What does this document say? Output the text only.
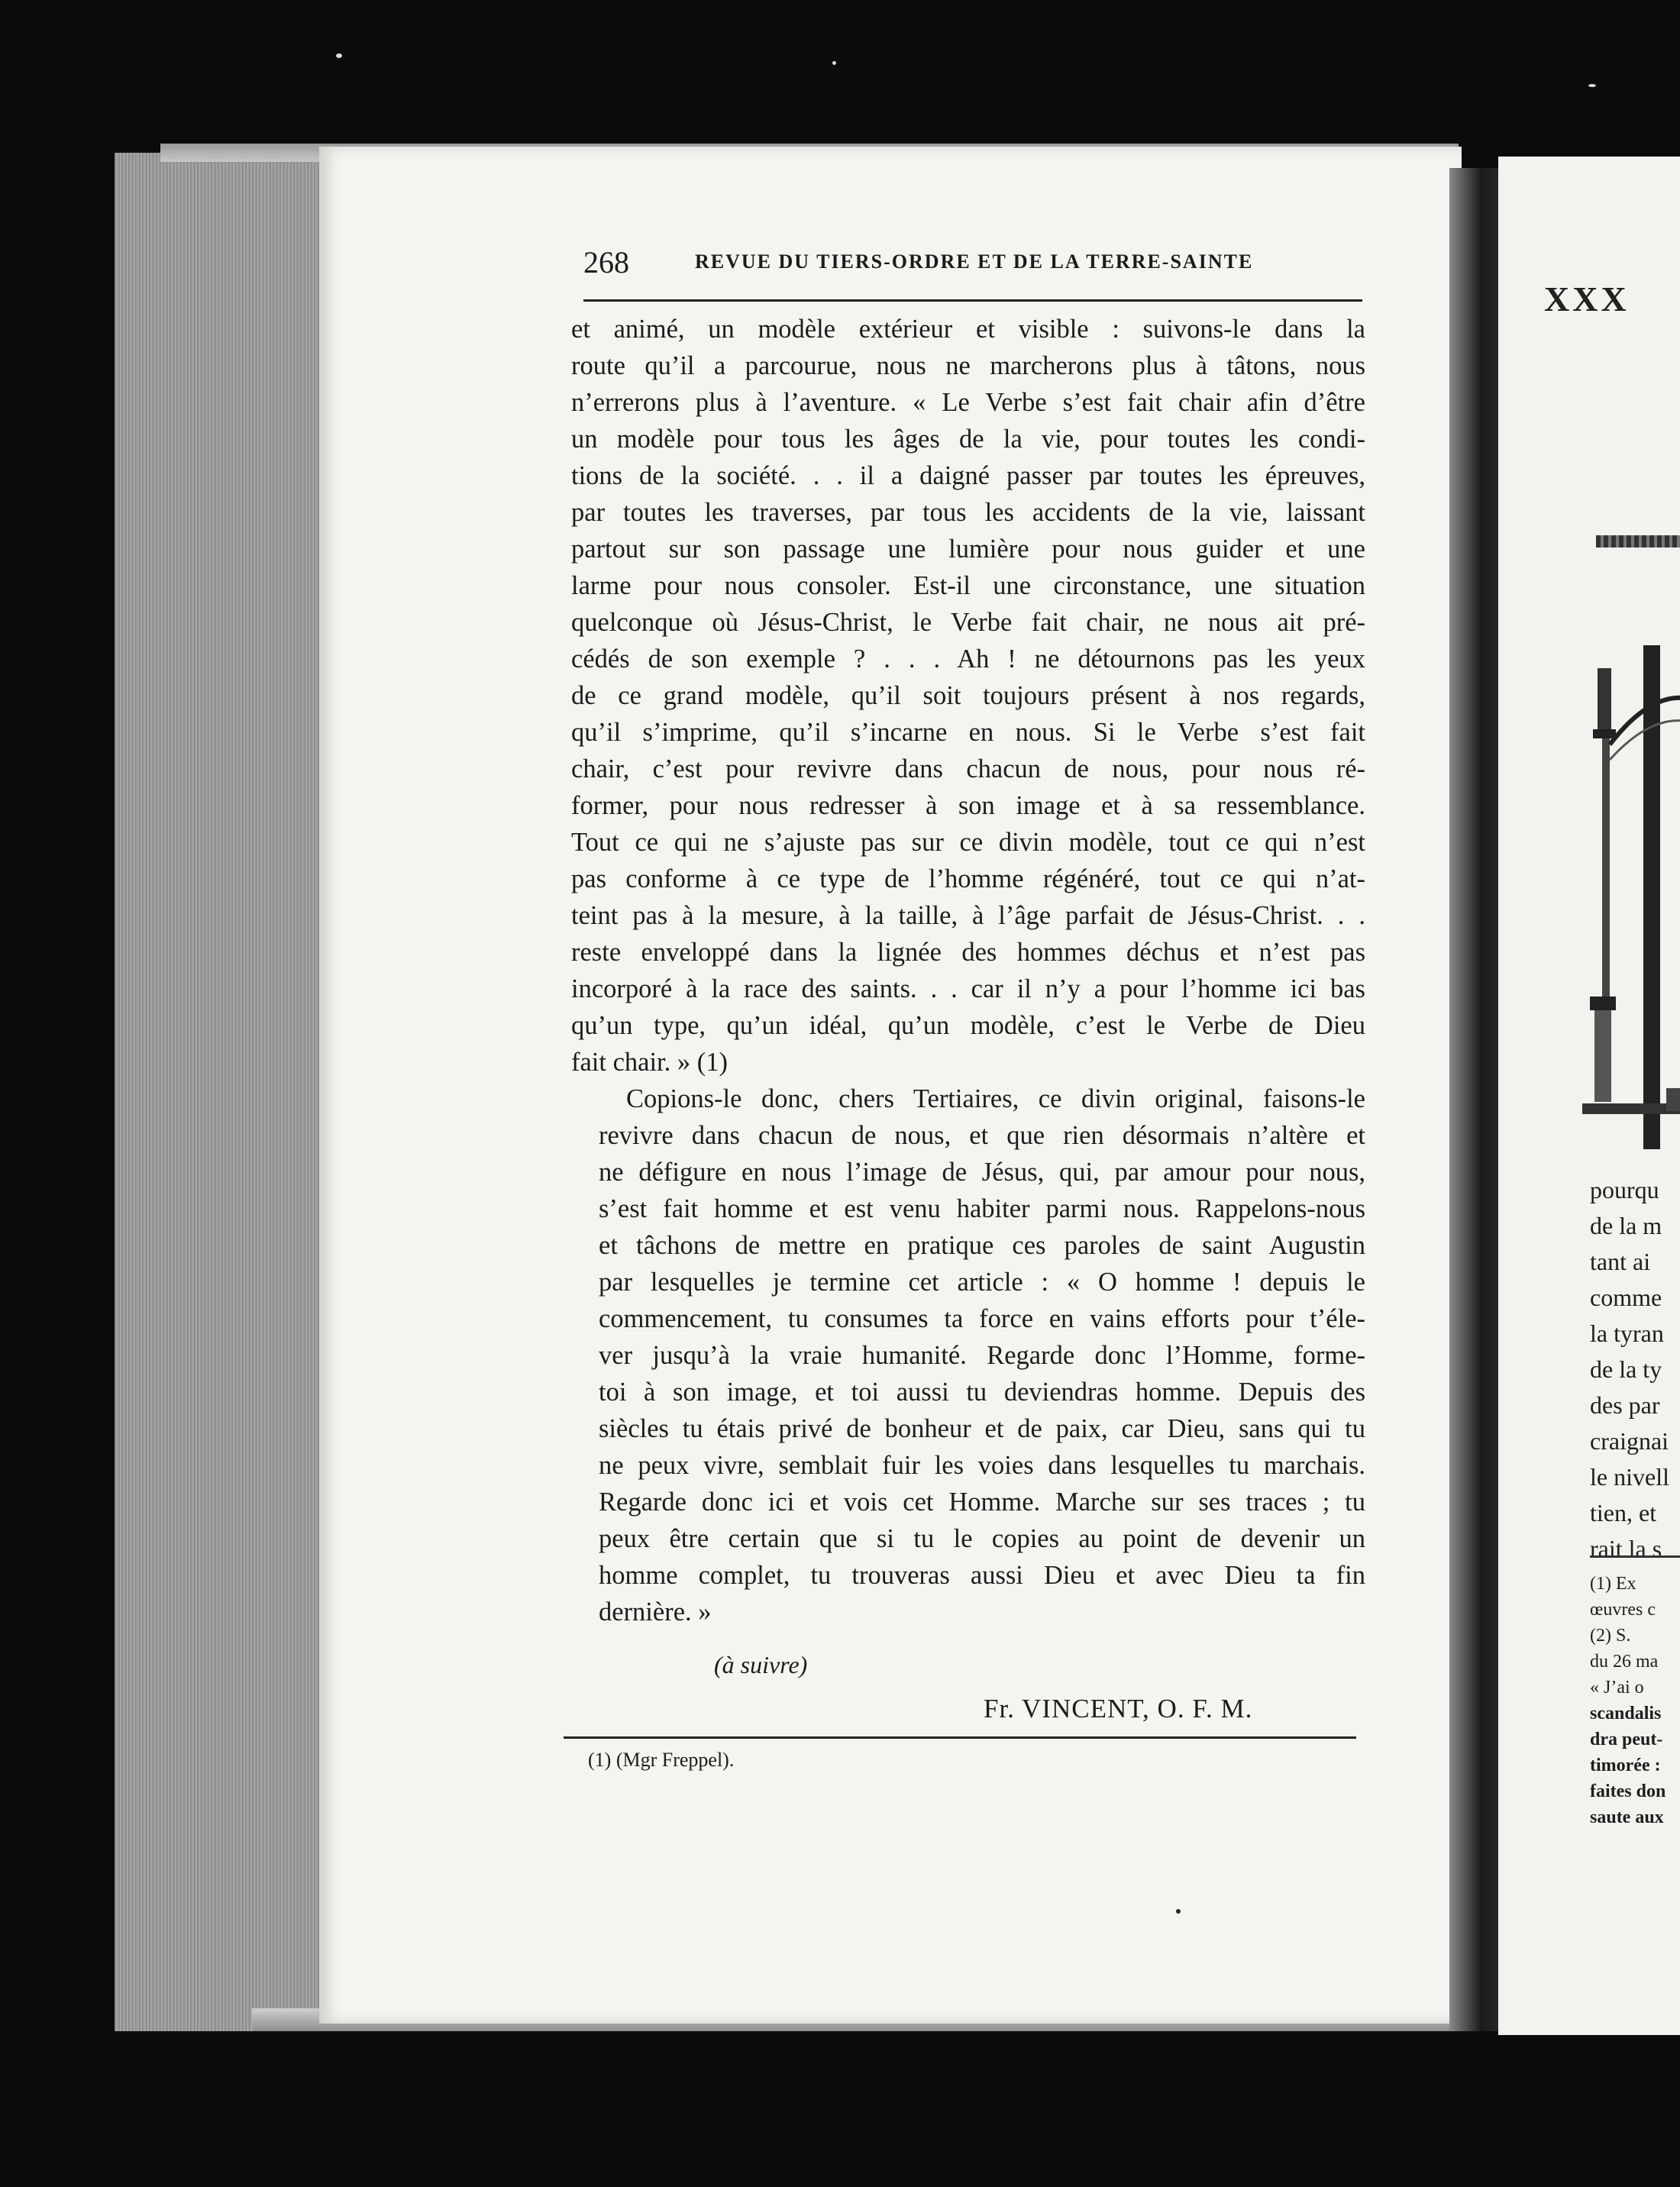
268	REVUE DU TIERS-ORDRE ET DE LA TERRE-SAINTE

et animé, un modèle extérieur et visible : suivons-le dans la
route qu’il a parcourue, nous ne marcherons plus à tâtons, nous
n’errerons plus à l’aventure. « Le Verbe s’est fait chair afin d’être
un modèle pour tous les âges de la vie, pour toutes les condi-
tions de la société. . . il a daigné passer par toutes les épreuves,
par toutes les traverses, par tous les accidents de la vie, laissant
partout sur son passage une lumière pour nous guider et une
larme pour nous consoler. Est-il une circonstance, une situation
quelconque où Jésus-Christ, le Verbe fait chair, ne nous ait pré-
cédés de son exemple ? . . . Ah ! ne détournons pas les yeux
de ce grand modèle, qu’il soit toujours présent à nos regards,
qu’il s’imprime, qu’il s’incarne en nous. Si le Verbe s’est fait
chair, c’est pour revivre dans chacun de nous, pour nous ré-
former, pour nous redresser à son image et à sa ressemblance.
Tout ce qui ne s’ajuste pas sur ce divin modèle, tout ce qui n’est
pas conforme à ce type de l’homme régénéré, tout ce qui n’at-
teint pas à la mesure, à la taille, à l’âge parfait de Jésus-Christ. . .
reste enveloppé dans la lignée des hommes déchus et n’est pas
incorporé à la race des saints. . . car il n’y a pour l’homme ici bas
qu’un type, qu’un idéal, qu’un modèle, c’est le Verbe de Dieu
fait chair. » (1)

Copions-le donc, chers Tertiaires, ce divin original, faisons-le
revivre dans chacun de nous, et que rien désormais n’altère et
ne défigure en nous l’image de Jésus, qui, par amour pour nous,
s’est fait homme et est venu habiter parmi nous. Rappelons-nous
et tâchons de mettre en pratique ces paroles de saint Augustin
par lesquelles je termine cet article : « O homme ! depuis le
commencement, tu consumes ta force en vains efforts pour t’éle-
ver jusqu’à la vraie humanité. Regarde donc l’Homme, forme-
toi à son image, et toi aussi tu deviendras homme. Depuis des
siècles tu étais privé de bonheur et de paix, car Dieu, sans qui tu
ne peux vivre, semblait fuir les voies dans lesquelles tu marchais.
Regarde donc ici et vois cet Homme. Marche sur ses traces ; tu
peux être certain que si tu le copies au point de devenir un
homme complet, tu trouveras aussi Dieu et avec Dieu ta fin
dernière. »

(à suivre)
Fr. VINCENT, O. F. M.
(1) (Mgr Freppel).
XXX
pourqu
de la m
tant ai
comme
la tyran
de la ty
des par
craignai
le nivell
tien, et
rait la s
(1) Ex
œuvres c
(2) S.
du 26 ma
« J’ai o
scandalis
dra peut-
timorée :
faites don
saute aux
